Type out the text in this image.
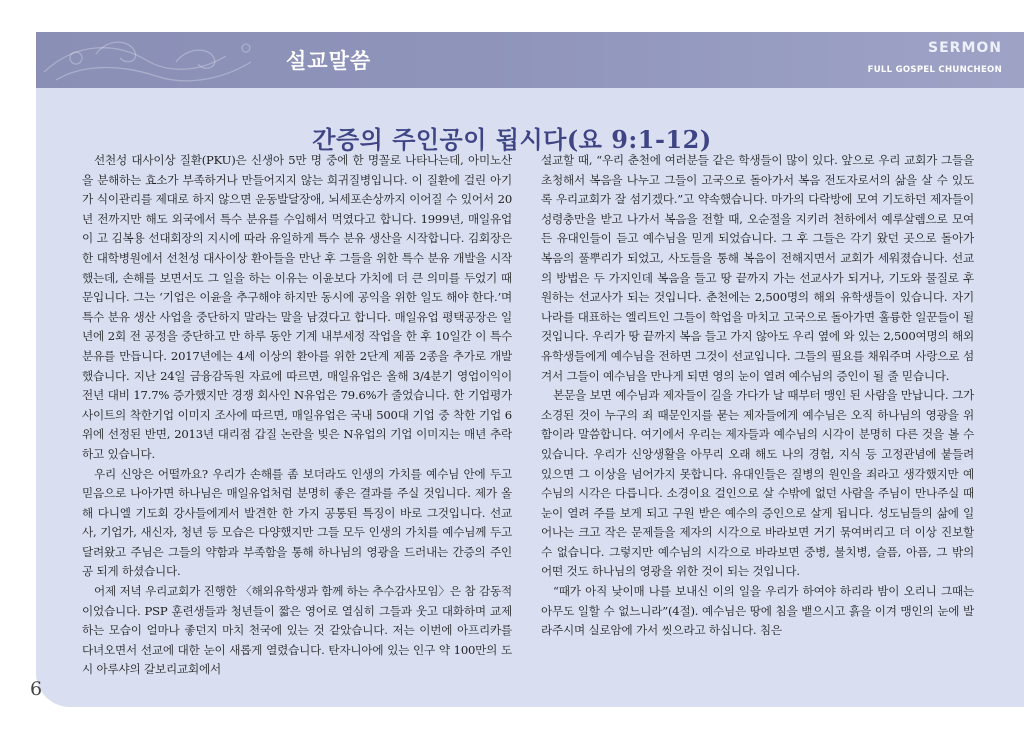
설교말씀
SERMON
FULL GOSPEL CHUNCHEON
간증의 주인공이 됩시다(요 9:1-12)

선천성 대사이상 질환(PKU)은 신생아 5만 명 중에 한 명꼴로 나타나는데, 아미노산을 분해하는 효소가 부족하거나 만들어지지 않는 희귀질병입니다. 이 질환에 걸린 아기가 식이관리를 제대로 하지 않으면 운동발달장애, 뇌세포손상까지 이어질 수 있어서 20년 전까지만 해도 외국에서 특수 분유를 수입해서 먹였다고 합니다. 1999년, 매일유업이 고 김복용 선대회장의 지시에 따라 유일하게 특수 분유 생산을 시작합니다. 김회장은 한 대학병원에서 선천성 대사이상 환아들을 만난 후 그들을 위한 특수 분유 개발을 시작했는데, 손해를 보면서도 그 일을 하는 이유는 이윤보다 가치에 더 큰 의미를 두었기 때문입니다. 그는 ‘기업은 이윤을 추구해야 하지만 동시에 공익을 위한 일도 해야 한다.’며 특수 분유 생산 사업을 중단하지 말라는 말을 남겼다고 합니다. 매일유업 평택공장은 일 년에 2회 전 공정을 중단하고 만 하루 동안 기계 내부세정 작업을 한 후 10일간 이 특수 분유를 만듭니다. 2017년에는 4세 이상의 환아를 위한 2단계 제품 2종을 추가로 개발했습니다. 지난 24일 금융감독원 자료에 따르면, 매일유업은 올해 3/4분기 영업이익이 전년 대비 17.7% 증가했지만 경쟁 회사인 N유업은 79.6%가 줄었습니다. 한 기업평가 사이트의 착한기업 이미지 조사에 따르면, 매일유업은 국내 500대 기업 중 착한 기업 6위에 선정된 반면, 2013년 대리점 갑질 논란을 빚은 N유업의 기업 이미지는 매년 추락하고 있습니다.

우리 신앙은 어떨까요? 우리가 손해를 좀 보더라도 인생의 가치를 예수님 안에 두고 믿음으로 나아가면 하나님은 매일유업처럼 분명히 좋은 결과를 주실 것입니다. 제가 올해 다니엘 기도회 강사들에게서 발견한 한 가지 공통된 특징이 바로 그것입니다. 선교사, 기업가, 새신자, 청년 등 모습은 다양했지만 그들 모두 인생의 가치를 예수님께 두고 달려왔고 주님은 그들의 약함과 부족함을 통해 하나님의 영광을 드러내는 간증의 주인공 되게 하셨습니다.

어제 저녁 우리교회가 진행한 〈해외유학생과 함께 하는 추수감사모임〉은 참 감동적이었습니다. PSP 훈련생들과 청년들이 짧은 영어로 열심히 그들과 웃고 대화하며 교제하는 모습이 얼마나 좋던지 마치 천국에 있는 것 같았습니다. 저는 이번에 아프리카를 다녀오면서 선교에 대한 눈이 새롭게 열렸습니다. 탄자니아에 있는 인구 약 100만의 도시 아루샤의 갈보리교회에서

설교할 때, “우리 춘천에 여러분들 같은 학생들이 많이 있다. 앞으로 우리 교회가 그들을 초청해서 복음을 나누고 그들이 고국으로 돌아가서 복음 전도자로서의 삶을 살 수 있도록 우리교회가 잘 섬기겠다.”고 약속했습니다. 마가의 다락방에 모여 기도하던 제자들이 성령충만을 받고 나가서 복음을 전할 때, 오순절을 지키러 천하에서 예루살렘으로 모여든 유대인들이 듣고 예수님을 믿게 되었습니다. 그 후 그들은 각기 왔던 곳으로 돌아가 복음의 풀뿌리가 되었고, 사도들을 통해 복음이 전해지면서 교회가 세워졌습니다. 선교의 방법은 두 가지인데 복음을 들고 땅 끝까지 가는 선교사가 되거나, 기도와 물질로 후원하는 선교사가 되는 것입니다. 춘천에는 2,500명의 해외 유학생들이 있습니다. 자기 나라를 대표하는 엘리트인 그들이 학업을 마치고 고국으로 돌아가면 훌륭한 일꾼들이 될 것입니다. 우리가 땅 끝까지 복음 들고 가지 않아도 우리 옆에 와 있는 2,500여명의 해외유학생들에게 예수님을 전하면 그것이 선교입니다. 그들의 필요를 채워주며 사랑으로 섬겨서 그들이 예수님을 만나게 되면 영의 눈이 열려 예수님의 증인이 될 줄 믿습니다.

본문을 보면 예수님과 제자들이 길을 가다가 날 때부터 맹인 된 사람을 만납니다. 그가 소경된 것이 누구의 죄 때문인지를 묻는 제자들에게 예수님은 오직 하나님의 영광을 위함이라 말씀합니다. 여기에서 우리는 제자들과 예수님의 시각이 분명히 다른 것을 볼 수 있습니다. 우리가 신앙생활을 아무리 오래 해도 나의 경험, 지식 등 고정관념에 붙들려 있으면 그 이상을 넘어가지 못합니다. 유대인들은 질병의 원인을 죄라고 생각했지만 예수님의 시각은 다릅니다. 소경이요 걸인으로 살 수밖에 없던 사람을 주님이 만나주실 때 눈이 열려 주를 보게 되고 구원 받은 예수의 증인으로 살게 됩니다. 성도님들의 삶에 일어나는 크고 작은 문제들을 제자의 시각으로 바라보면 거기 묶여버리고 더 이상 진보할 수 없습니다. 그렇지만 예수님의 시각으로 바라보면 중병, 불치병, 슬픔, 아픔, 그 밖의 어떤 것도 하나님의 영광을 위한 것이 되는 것입니다.

“때가 아직 낮이매 나를 보내신 이의 일을 우리가 하여야 하리라 밤이 오리니 그때는 아무도 일할 수 없느니라”(4절). 예수님은 땅에 침을 뱉으시고 흙을 이겨 맹인의 눈에 발라주시며 실로암에 가서 씻으라고 하십니다. 침은

6
